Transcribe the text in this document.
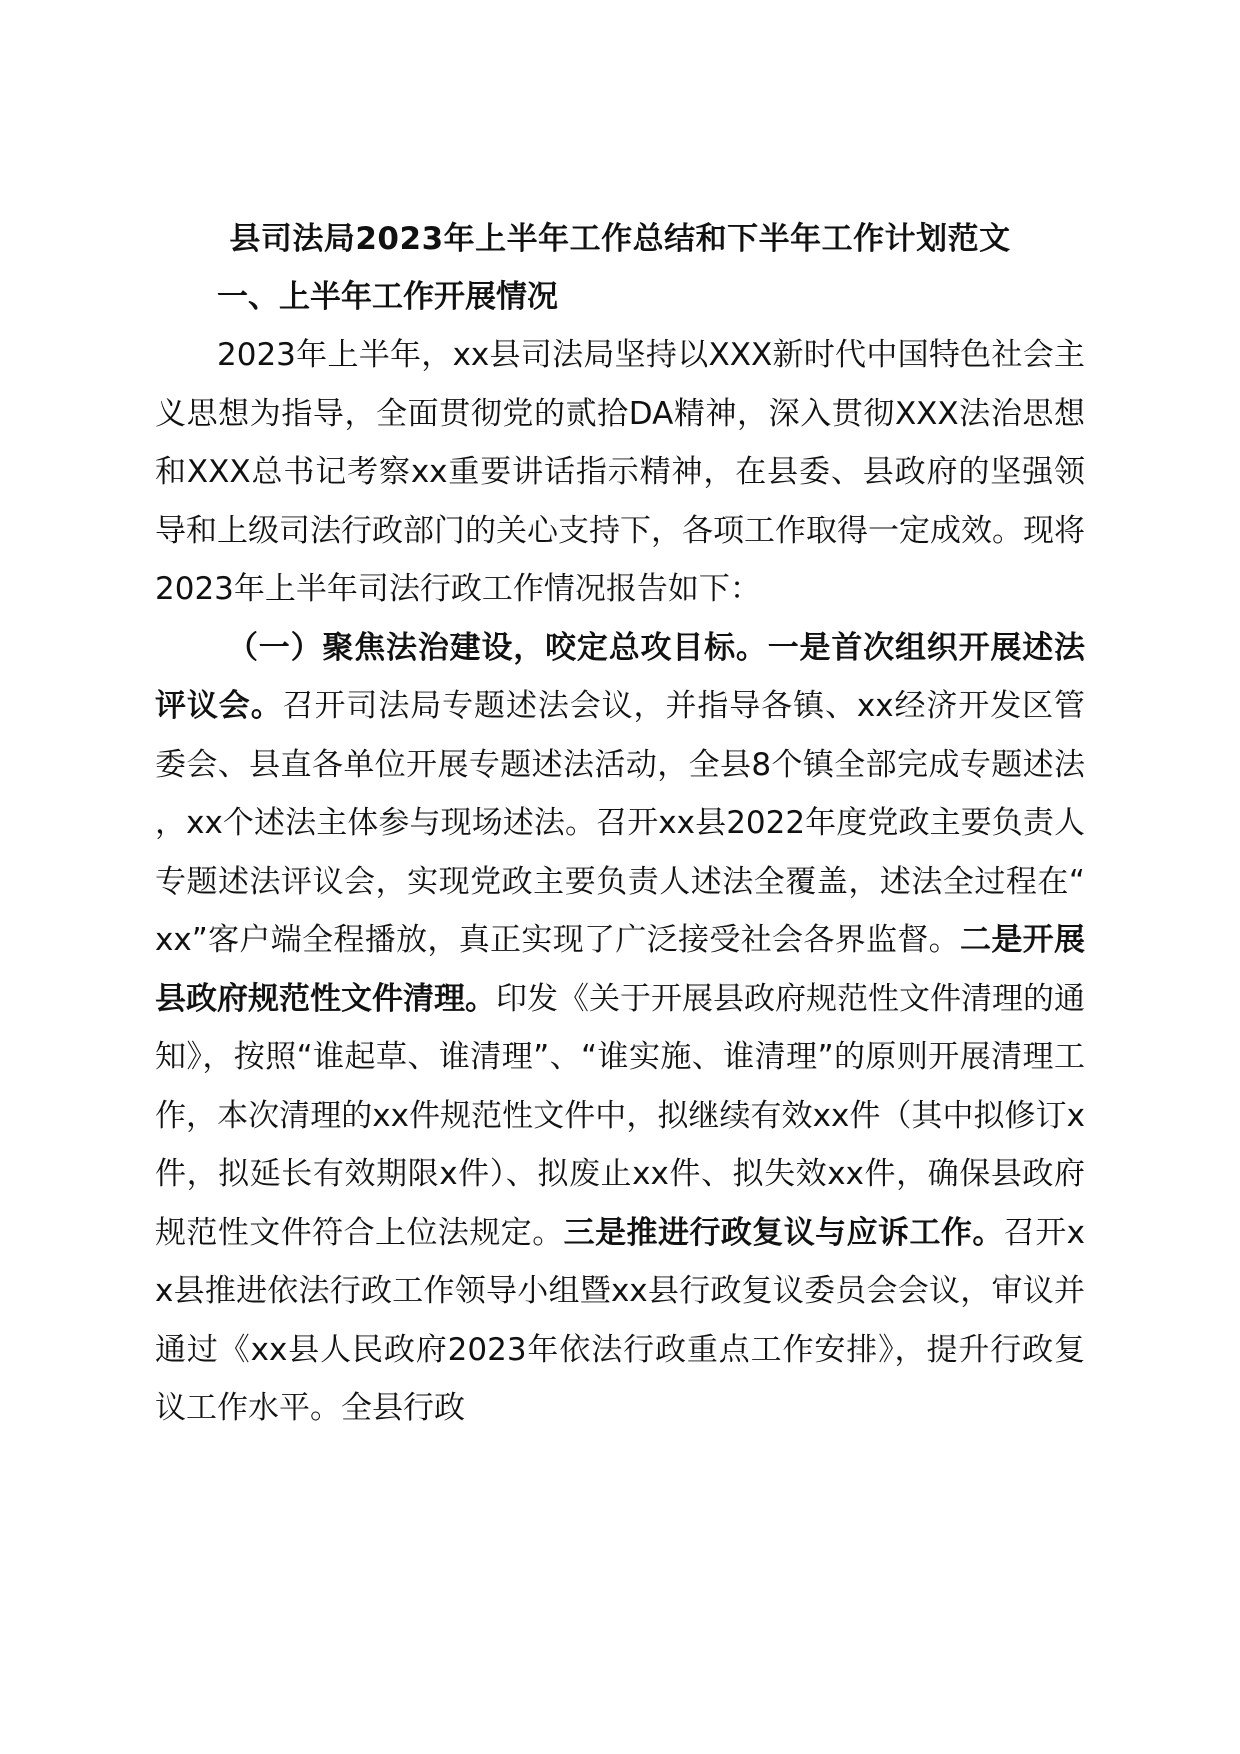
县司法局2023年上半年工作总结和下半年工作计划范文
一、上半年工作开展情况

2023年上半年，xx县司法局坚持以XXX新时代中国特色社会主义思想为指导，全面贯彻党的贰拾DA精神，深入贯彻XXX法治思想和XXX总书记考察xx重要讲话指示精神，在县委、县政府的坚强领导和上级司法行政部门的关心支持下，各项工作取得一定成效。现将2023年上半年司法行政工作情况报告如下：

（一）聚焦法治建设，咬定总攻目标。一是首次组织开展述法评议会。召开司法局专题述法会议，并指导各镇、xx经济开发区管委会、县直各单位开展专题述法活动，全县8个镇全部完成专题述法，xx个述法主体参与现场述法。召开xx县2022年度党政主要负责人专题述法评议会，实现党政主要负责人述法全覆盖，述法全过程在“xx”客户端全程播放，真正实现了广泛接受社会各界监督。二是开展县政府规范性文件清理。印发《关于开展县政府规范性文件清理的通知》，按照“谁起草、谁清理”、“谁实施、谁清理”的原则开展清理工作，本次清理的xx件规范性文件中，拟继续有效xx件（其中拟修订x件，拟延长有效期限x件）、拟废止xx件、拟失效xx件，确保县政府规范性文件符合上位法规定。三是推进行政复议与应诉工作。召开xx县推进依法行政工作领导小组暨xx县行政复议委员会会议，审议并通过《xx县人民政府2023年依法行政重点工作安排》，提升行政复议工作水平。全县行政
